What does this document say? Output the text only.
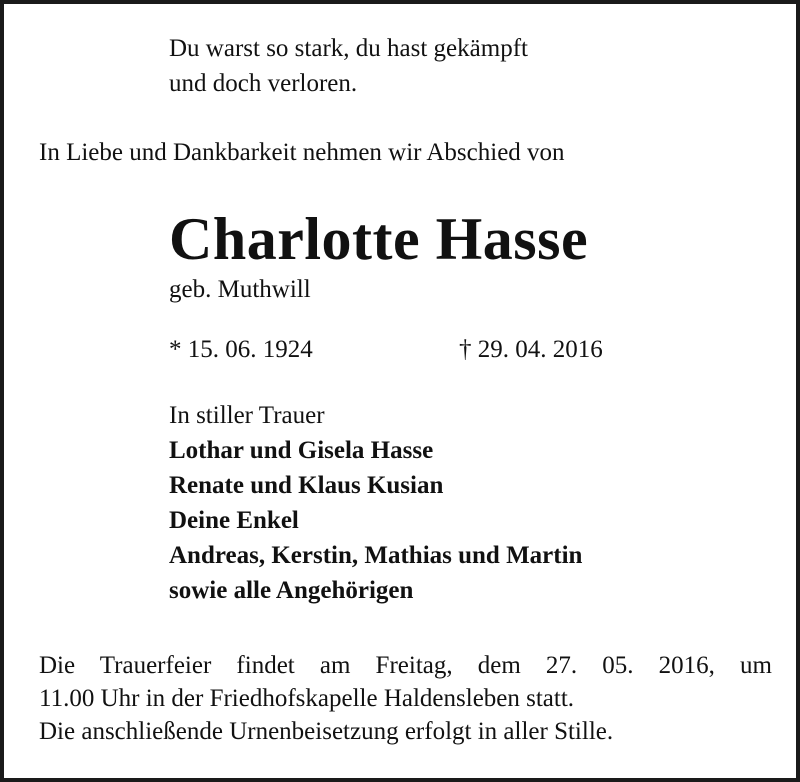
Du warst so stark, du hast gekämpft

und doch verloren.

In Liebe und Dankbarkeit nehmen wir Abschied von

Charlotte Hasse

geb. Muthwill

* 15. 06. 1924	† 29. 04. 2016

In stiller Trauer

Lothar und Gisela Hasse

Renate und Klaus Kusian

Deine Enkel

Andreas, Kerstin, Mathias und Martin

sowie alle Angehörigen

Die Trauerfeier findet am Freitag, dem 27. 05. 2016, um
11.00 Uhr in der Friedhofskapelle Haldensleben statt.
Die anschließende Urnenbeisetzung erfolgt in aller Stille.
